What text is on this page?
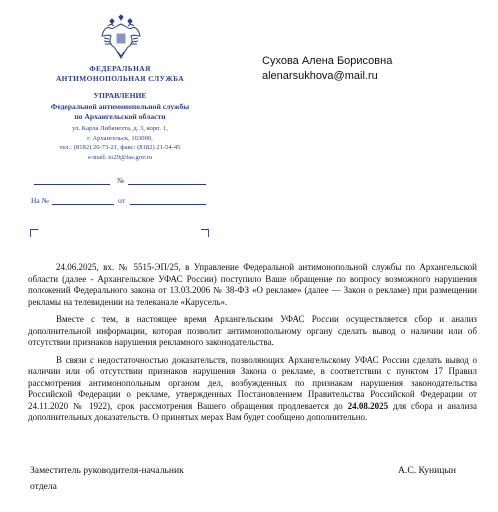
ФЕДЕРАЛЬНАЯ
АНТИМОНОПОЛЬНАЯ СЛУЖБА
УПРАВЛЕНИЕ
Федеральной антимонопольной службы
по Архангельской области
ул. Карла Либкнехта, д. 3, корп. 1,
г. Архангельск, 163000,
тел.: (8182) 20-73-21, факс: (8182) 21-54-45
e-mail: to29@fas.gov.ru
№
На №	от
Сухова Алена Борисовна
alenarsukhova@mail.ru

24.06.2025, вх. № 5515-ЭП/25, в Управление Федеральной антимонопольной службы по Архангельской области (далее - Архангельское УФАС России) поступило Ваше обращение по вопросу возможного нарушения положений Федерального закона от 13.03.2006 № 38-ФЗ «О рекламе» (далее — Закон о рекламе) при размещении рекламы на телевидении на телеканале «Карусель».

Вместе с тем, в настоящее время Архангельским УФАС России осуществляется сбор и анализ дополнительной информации, которая позволит антимонопольному органу сделать вывод о наличии или об отсутствии признаков нарушения рекламного законодательства.

В связи с недостаточностью доказательств, позволяющих Архангельскому УФАС России сделать вывод о наличии или об отсутствии признаков нарушения Закона о рекламе, в соответствии с пунктом 17 Правил рассмотрения антимонопольным органом дел, возбужденных по признакам нарушения законодательства Российской Федерации о рекламе, утвержденных Постановлением Правительства Российской Федерации от 24.11.2020 № 1922), срок рассмотрения Вашего обращения продлевается до 24.08.2025 для сбора и анализа дополнительных доказательств. О принятых мерах Вам будет сообщено дополнительно.

Заместитель руководителя-начальник
отдела
А.С. Куницын
